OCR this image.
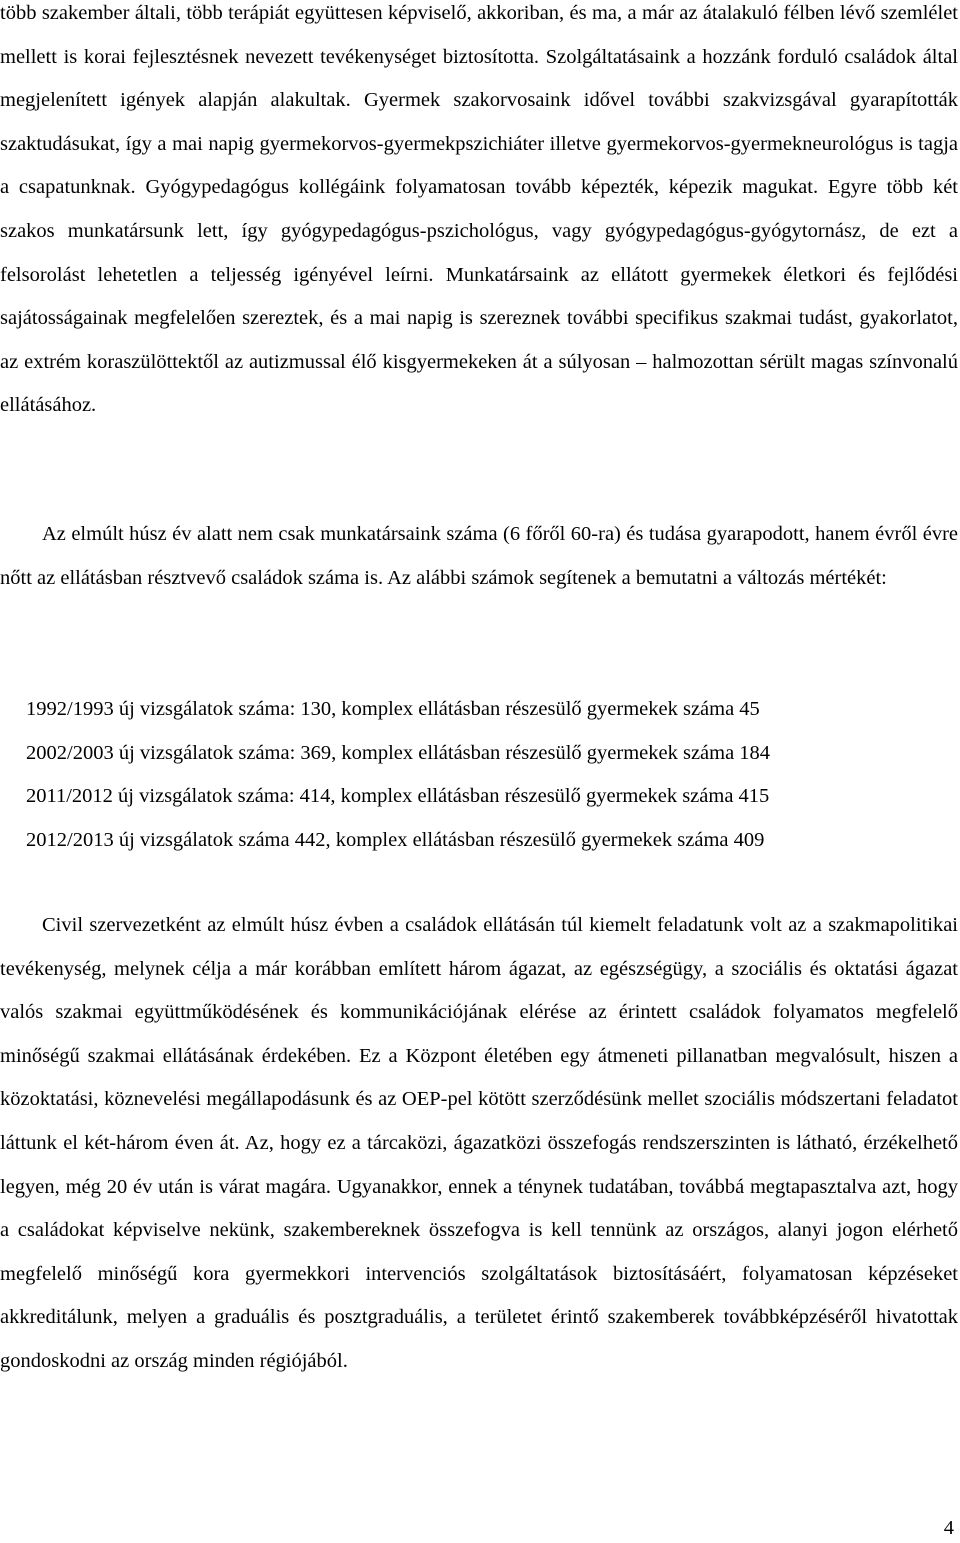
több szakember általi, több terápiát együttesen képviselő, akkoriban, és ma, a már az átalakuló félben lévő szemlélet mellett is korai fejlesztésnek nevezett tevékenységet biztosította. Szolgáltatásaink a hozzánk forduló családok által megjelenített igények alapján alakultak. Gyermek szakorvosaink idővel további szakvizsgával gyarapították szaktudásukat, így a mai napig gyermekorvos-gyermekpszichiáter illetve gyermekorvos-gyermekneurológus is tagja a csapatunknak. Gyógypedagógus kollégáink folyamatosan tovább képezték, képezik magukat. Egyre több két szakos munkatársunk lett, így gyógypedagógus-pszichológus, vagy gyógypedagógus-gyógytornász, de ezt a felsorolást lehetetlen a teljesség igényével leírni. Munkatársaink az ellátott gyermekek életkori és fejlődési sajátosságainak megfelelően szereztek, és a mai napig is szereznek további specifikus szakmai tudást, gyakorlatot, az extrém koraszülöttektől az autizmussal élő kisgyermekeken át a súlyosan – halmozottan sérült magas színvonalú ellátásához.

Az elmúlt húsz év alatt nem csak munkatársaink száma (6 főről 60-ra) és tudása gyarapodott, hanem évről évre nőtt az ellátásban résztvevő családok száma is. Az alábbi számok segítenek a bemutatni a változás mértékét:

1992/1993 új vizsgálatok száma: 130, komplex ellátásban részesülő gyermekek száma 45
2002/2003 új vizsgálatok száma: 369, komplex ellátásban részesülő gyermekek száma 184
2011/2012 új vizsgálatok száma: 414, komplex ellátásban részesülő gyermekek száma 415
2012/2013 új vizsgálatok száma 442, komplex ellátásban részesülő gyermekek száma 409

Civil szervezetként az elmúlt húsz évben a családok ellátásán túl kiemelt feladatunk volt az a szakmapolitikai tevékenység, melynek célja a már korábban említett három ágazat, az egészségügy, a szociális és oktatási ágazat valós szakmai együttműködésének és kommunikációjának elérése az érintett családok folyamatos megfelelő minőségű szakmai ellátásának érdekében. Ez a Központ életében egy átmeneti pillanatban megvalósult, hiszen a közoktatási, köznevelési megállapodásunk és az OEP-pel kötött szerződésünk mellet szociális módszertani feladatot láttunk el két-három éven át. Az, hogy ez a tárcaközi, ágazatközi összefogás rendszerszinten is látható, érzékelhető legyen, még 20 év után is várat magára. Ugyanakkor, ennek a ténynek tudatában, továbbá megtapasztalva azt, hogy a családokat képviselve nekünk, szakembereknek összefogva is kell tennünk az országos, alanyi jogon elérhető megfelelő minőségű kora gyermekkori intervenciós szolgáltatások biztosításáért, folyamatosan képzéseket akkreditálunk, melyen a graduális és posztgraduális, a területet érintő szakemberek továbbképzéséről hivatottak gondoskodni az ország minden régiójából.

4
